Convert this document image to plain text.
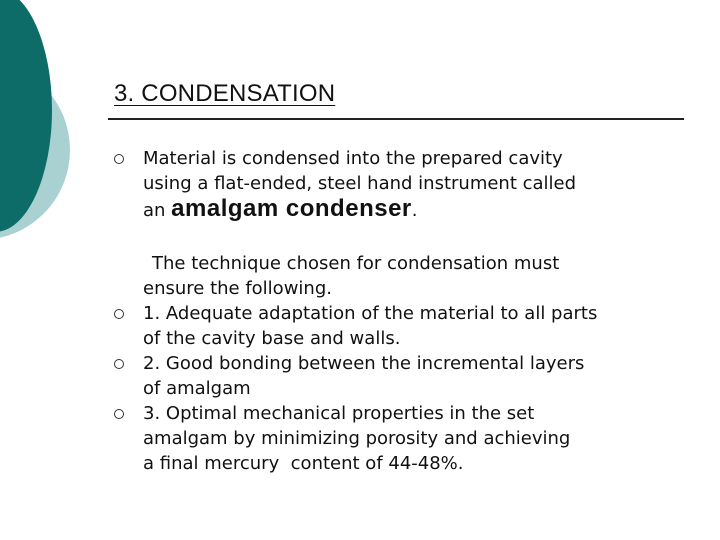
3. CONDENSATION
Material is condensed into the prepared cavity
using a flat-ended, steel hand instrument called
an amalgam condenser.
The technique chosen for condensation must
ensure the following.
1. Adequate adaptation of the material to all parts
of the cavity base and walls.
2. Good bonding between the incremental layers
of amalgam
3. Optimal mechanical properties in the set
amalgam by minimizing porosity and achieving
a final mercury  content of 44-48%.
